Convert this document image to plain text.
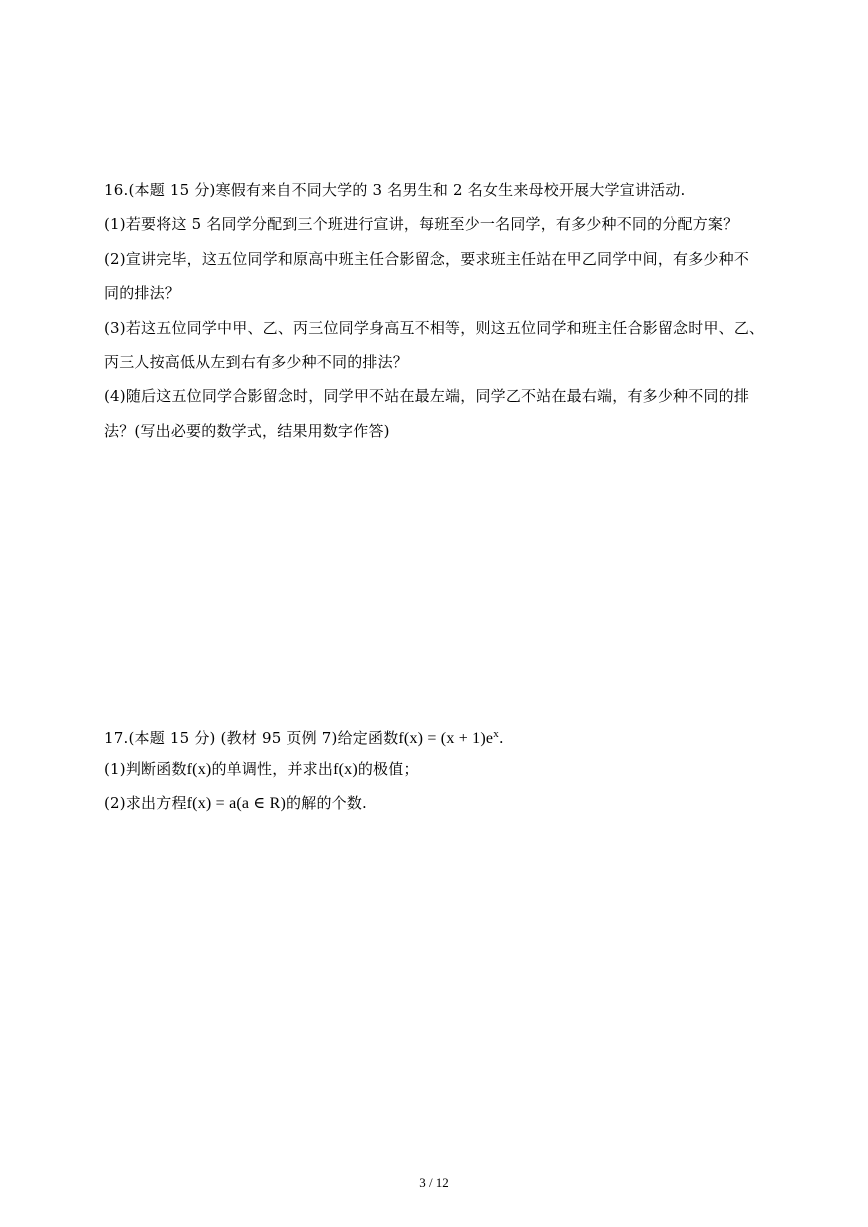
16.(本题 15 分)寒假有来自不同大学的 3 名男生和 2 名女生来母校开展大学宣讲活动.
(1)若要将这 5 名同学分配到三个班进行宣讲，每班至少一名同学，有多少种不同的分配方案？
(2)宣讲完毕，这五位同学和原高中班主任合影留念，要求班主任站在甲乙同学中间，有多少种不
同的排法？
(3)若这五位同学中甲、乙、丙三位同学身高互不相等，则这五位同学和班主任合影留念时甲、乙、
丙三人按高低从左到右有多少种不同的排法？
(4)随后这五位同学合影留念时，同学甲不站在最左端，同学乙不站在最右端，有多少种不同的排
法？(写出必要的数学式，结果用数字作答)
17.(本题 15 分) (教材 95 页例 7)给定函数$f(x) = (x + 1)e^x$.
(1)判断函数f(x)的单调性，并求出f(x)的极值；
(2)求出方程f(x) = a(a ∈ R)的解的个数.
3 / 12
